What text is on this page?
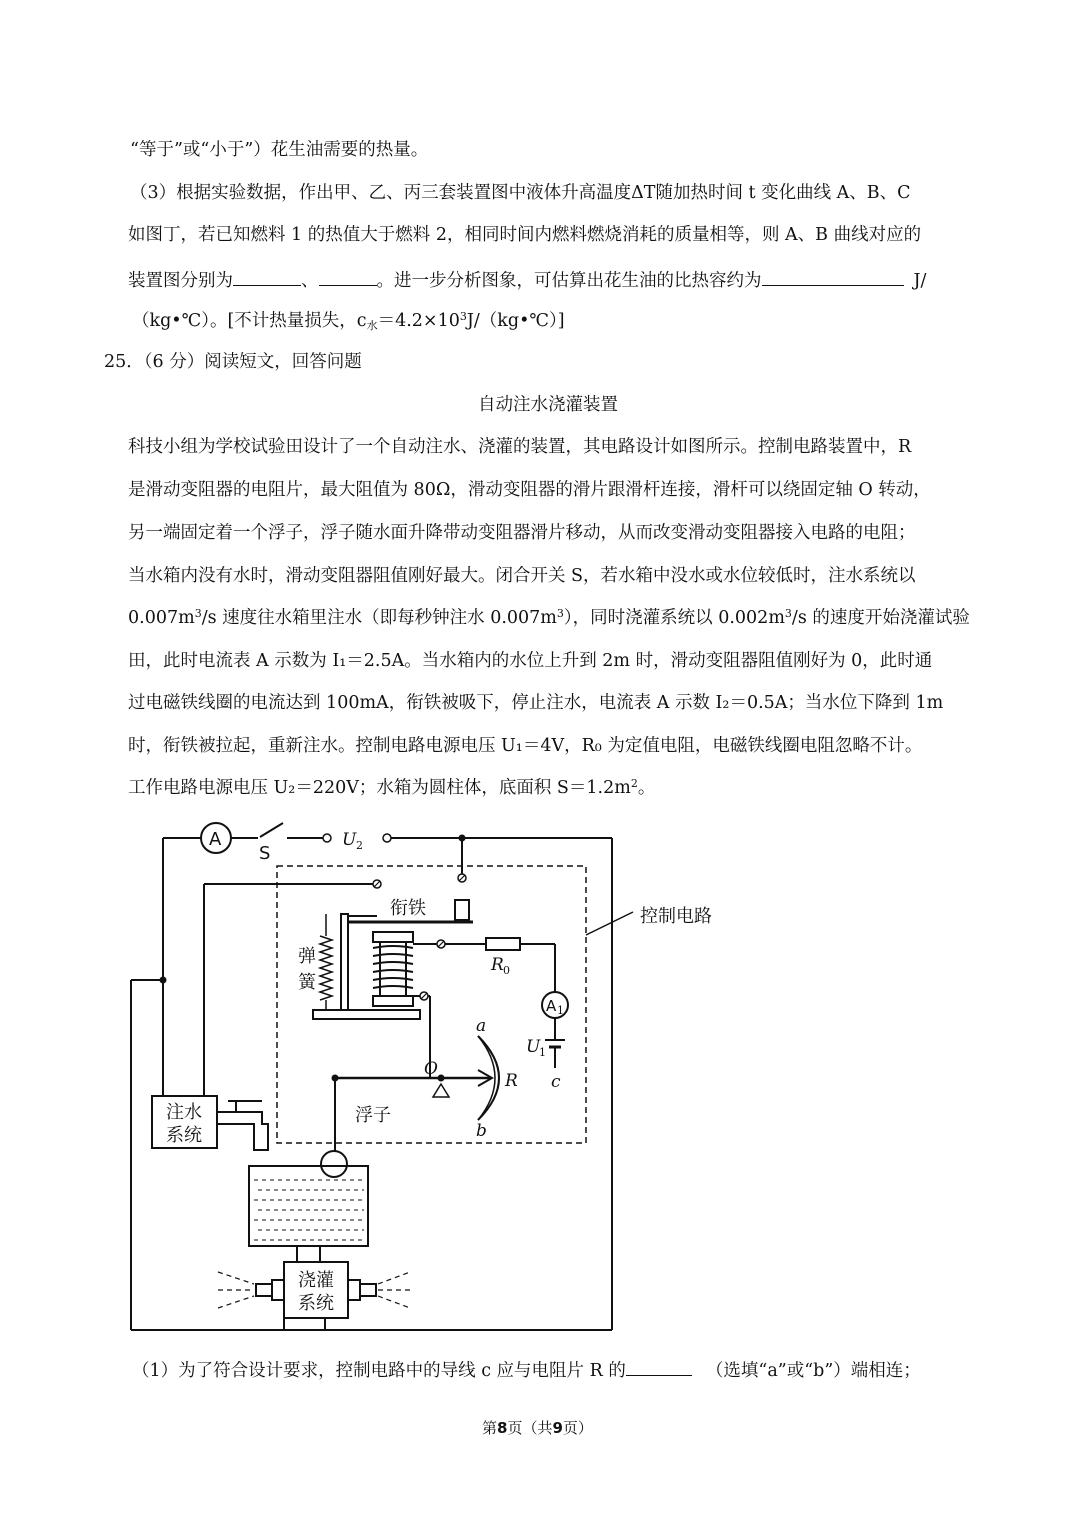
“等于”或“小于”）花生油需要的热量。
（3）根据实验数据，作出甲、乙、丙三套装置图中液体升高温度ΔT随加热时间 t 变化曲线 A、B、C
如图丁，若已知燃料 1 的热值大于燃料 2，相同时间内燃料燃烧消耗的质量相等，则 A、B 曲线对应的
装置图分别为	、	。进一步分析图象，可估算出花生油的比热容约为	J/
（kg•℃）。[不计热量损失，$c_水=4.2\times 10^3J/(kg•℃)$]
25．（6 分）阅读短文，回答问题
自动注水浇灌装置
科技小组为学校试验田设计了一个自动注水、浇灌的装置，其电路设计如图所示。控制电路装置中，R
是滑动变阻器的电阻片，最大阻值为 80Ω，滑动变阻器的滑片跟滑杆连接，滑杆可以绕固定轴 O 转动，
另一端固定着一个浮子，浮子随水面升降带动变阻器滑片移动，从而改变滑动变阻器接入电路的电阻；
当水箱内没有水时，滑动变阻器阻值刚好最大。闭合开关 S，若水箱中没水或水位较低时，注水系统以
$0.007m^3/s$ 速度往水箱里注水（即每秒钟注水 $0.007m^3$），同时浇灌系统以 $0.002m^3/s$ 的速度开始浇灌试验
田，此时电流表 A 示数为 I₁＝2.5A。当水箱内的水位上升到 2m 时，滑动变阻器阻值刚好为 0，此时通
过电磁铁线圈的电流达到 100mA，衔铁被吸下，停止注水，电流表 A 示数 I₂＝0.5A；当水位下降到 1m
时，衔铁被拉起，重新注水。控制电路电源电压 U₁＝4V，R₀ 为定值电阻，电磁铁线圈电阻忽略不计。
工作电路电源电压 U₂＝220V；水箱为圆柱体，底面积 $S=1.2m^2$。
A
A 1
S
U 2
衔铁	控制电路
弹
簧
R 0
U
1
a
b
c
O
R
浮子
注水
系统
浇灌
系统
（1）为了符合设计要求，控制电路中的导线 c 应与电阻片 R 的	（选填“a”或“b”）端相连；
第8页（共9页）
